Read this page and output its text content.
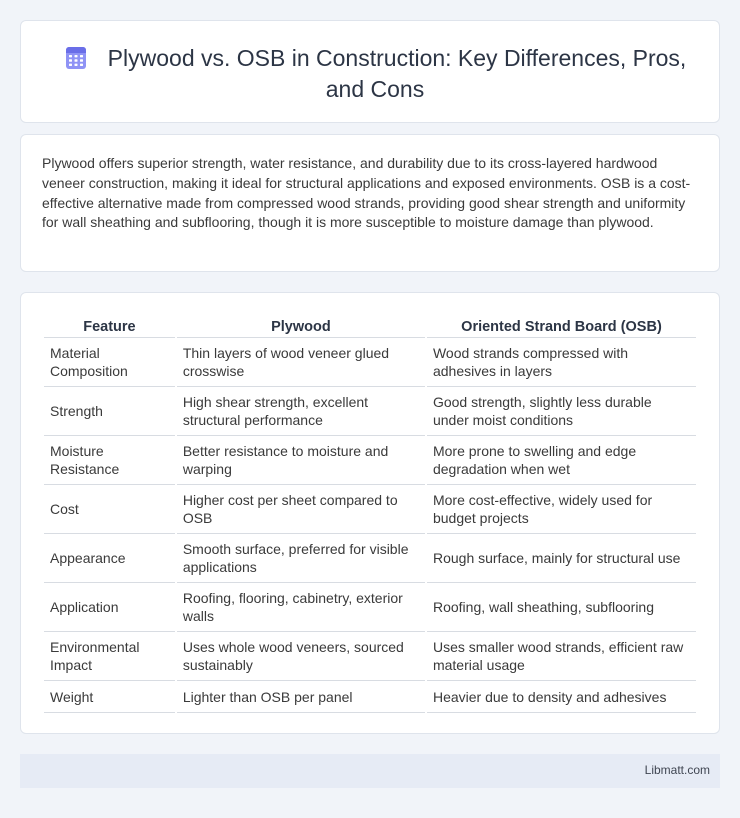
Plywood vs. OSB in Construction: Key Differences, Pros, and Cons

Plywood offers superior strength, water resistance, and durability due to its cross-layered hardwood veneer construction, making it ideal for structural applications and exposed environments. OSB is a cost-effective alternative made from compressed wood strands, providing good shear strength and uniformity for wall sheathing and subflooring, though it is more susceptible to moisture damage than plywood.

Feature	Plywood	Oriented Strand Board (OSB)
Material Composition	Thin layers of wood veneer glued crosswise	Wood strands compressed with adhesives in layers
Strength	High shear strength, excellent structural performance	Good strength, slightly less durable under moist conditions
Moisture Resistance	Better resistance to moisture and warping	More prone to swelling and edge degradation when wet
Cost	Higher cost per sheet compared to OSB	More cost-effective, widely used for budget projects
Appearance	Smooth surface, preferred for visible applications	Rough surface, mainly for structural use
Application	Roofing, flooring, cabinetry, exterior walls	Roofing, wall sheathing, subflooring
Environmental Impact	Uses whole wood veneers, sourced sustainably	Uses smaller wood strands, efficient raw material usage
Weight	Lighter than OSB per panel	Heavier due to density and adhesives
Libmatt.com
